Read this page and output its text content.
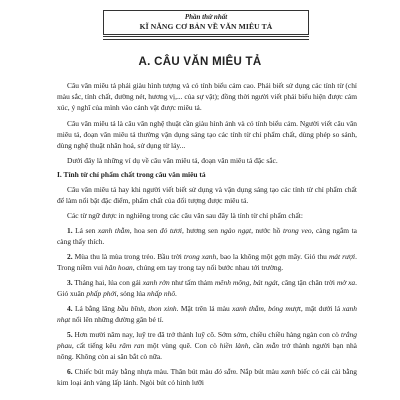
Phần thứ nhất
KĨ NĂNG CƠ BẢN VỀ VĂN MIÊU TẢ
A. CÂU VĂN MIÊU TẢ

Câu văn miêu tả phải giàu hình tượng và có tính biểu cảm cao. Phải biết sử dụng các tính từ (chỉ màu sắc, tính chất, đường nét, hương vị,... của sự vật); đồng thời người viết phải biểu hiện được cảm xúc, ý nghĩ của mình vào cảnh vật được miêu tả.

Câu văn miêu tả là câu văn nghệ thuật cần giàu hình ảnh và có tính biểu cảm. Người viết câu văn miêu tả, đoạn văn miêu tả thường vận dụng sáng tạo các tính từ chỉ phẩm chất, dùng phép so sánh, dùng nghệ thuật nhân hoá, sử dụng từ láy...

Dưới đây là những ví dụ về câu văn miêu tả, đoạn văn miêu tả đặc sắc.

I. Tính từ chỉ phẩm chất trong câu văn miêu tả

Câu văn miêu tả hay khi người viết biết sử dụng và vận dụng sáng tạo các tính từ chỉ phẩm chất để làm nổi bật đặc điểm, phẩm chất của đối tượng được miêu tả.

Các từ ngữ được in nghiêng trong các câu văn sau đây là tính từ chỉ phẩm chất:

1. Lá sen xanh thẫm, hoa sen đỏ tươi, hương sen ngào ngạt, nước hồ trong veo, càng ngắm ta càng thấy thích.

2. Mùa thu là mùa trong trẻo. Bầu trời trong xanh, bao la không một gợn mây. Gió thu mát rượi. Trong niềm vui hân hoan, chúng em tay trong tay nối bước nhau tới trường.

3. Tháng hai, lúa con gái xanh rờn như tấm thảm mênh mông, bát ngát, căng tận chân trời mờ xa. Gió xuân phấp phới, sóng lúa nhấp nhô.

4. Lá bằng lăng bầu bĩnh, thon xinh. Mặt trên lá màu xanh thẫm, bóng mượt, mặt dưới lá xanh nhạt nổi lên những đường gân bé tí.

5. Hơn mười năm nay, luỹ tre đã trở thành luỹ cô. Sớm sớm, chiều chiều hàng ngàn con cò trắng phau, cất tiếng kêu râm ran một vùng quê. Con cò hiền lành, cần mẫn trở thành người bạn nhà nông. Không còn ai săn bắt cò nữa.

6. Chiếc bút máy bằng nhựa màu. Thân bút màu đỏ sẫm. Nắp bút màu xanh biếc có cái cài bằng kim loại ánh vàng lấp lánh. Ngòi bút có hình lưỡi
